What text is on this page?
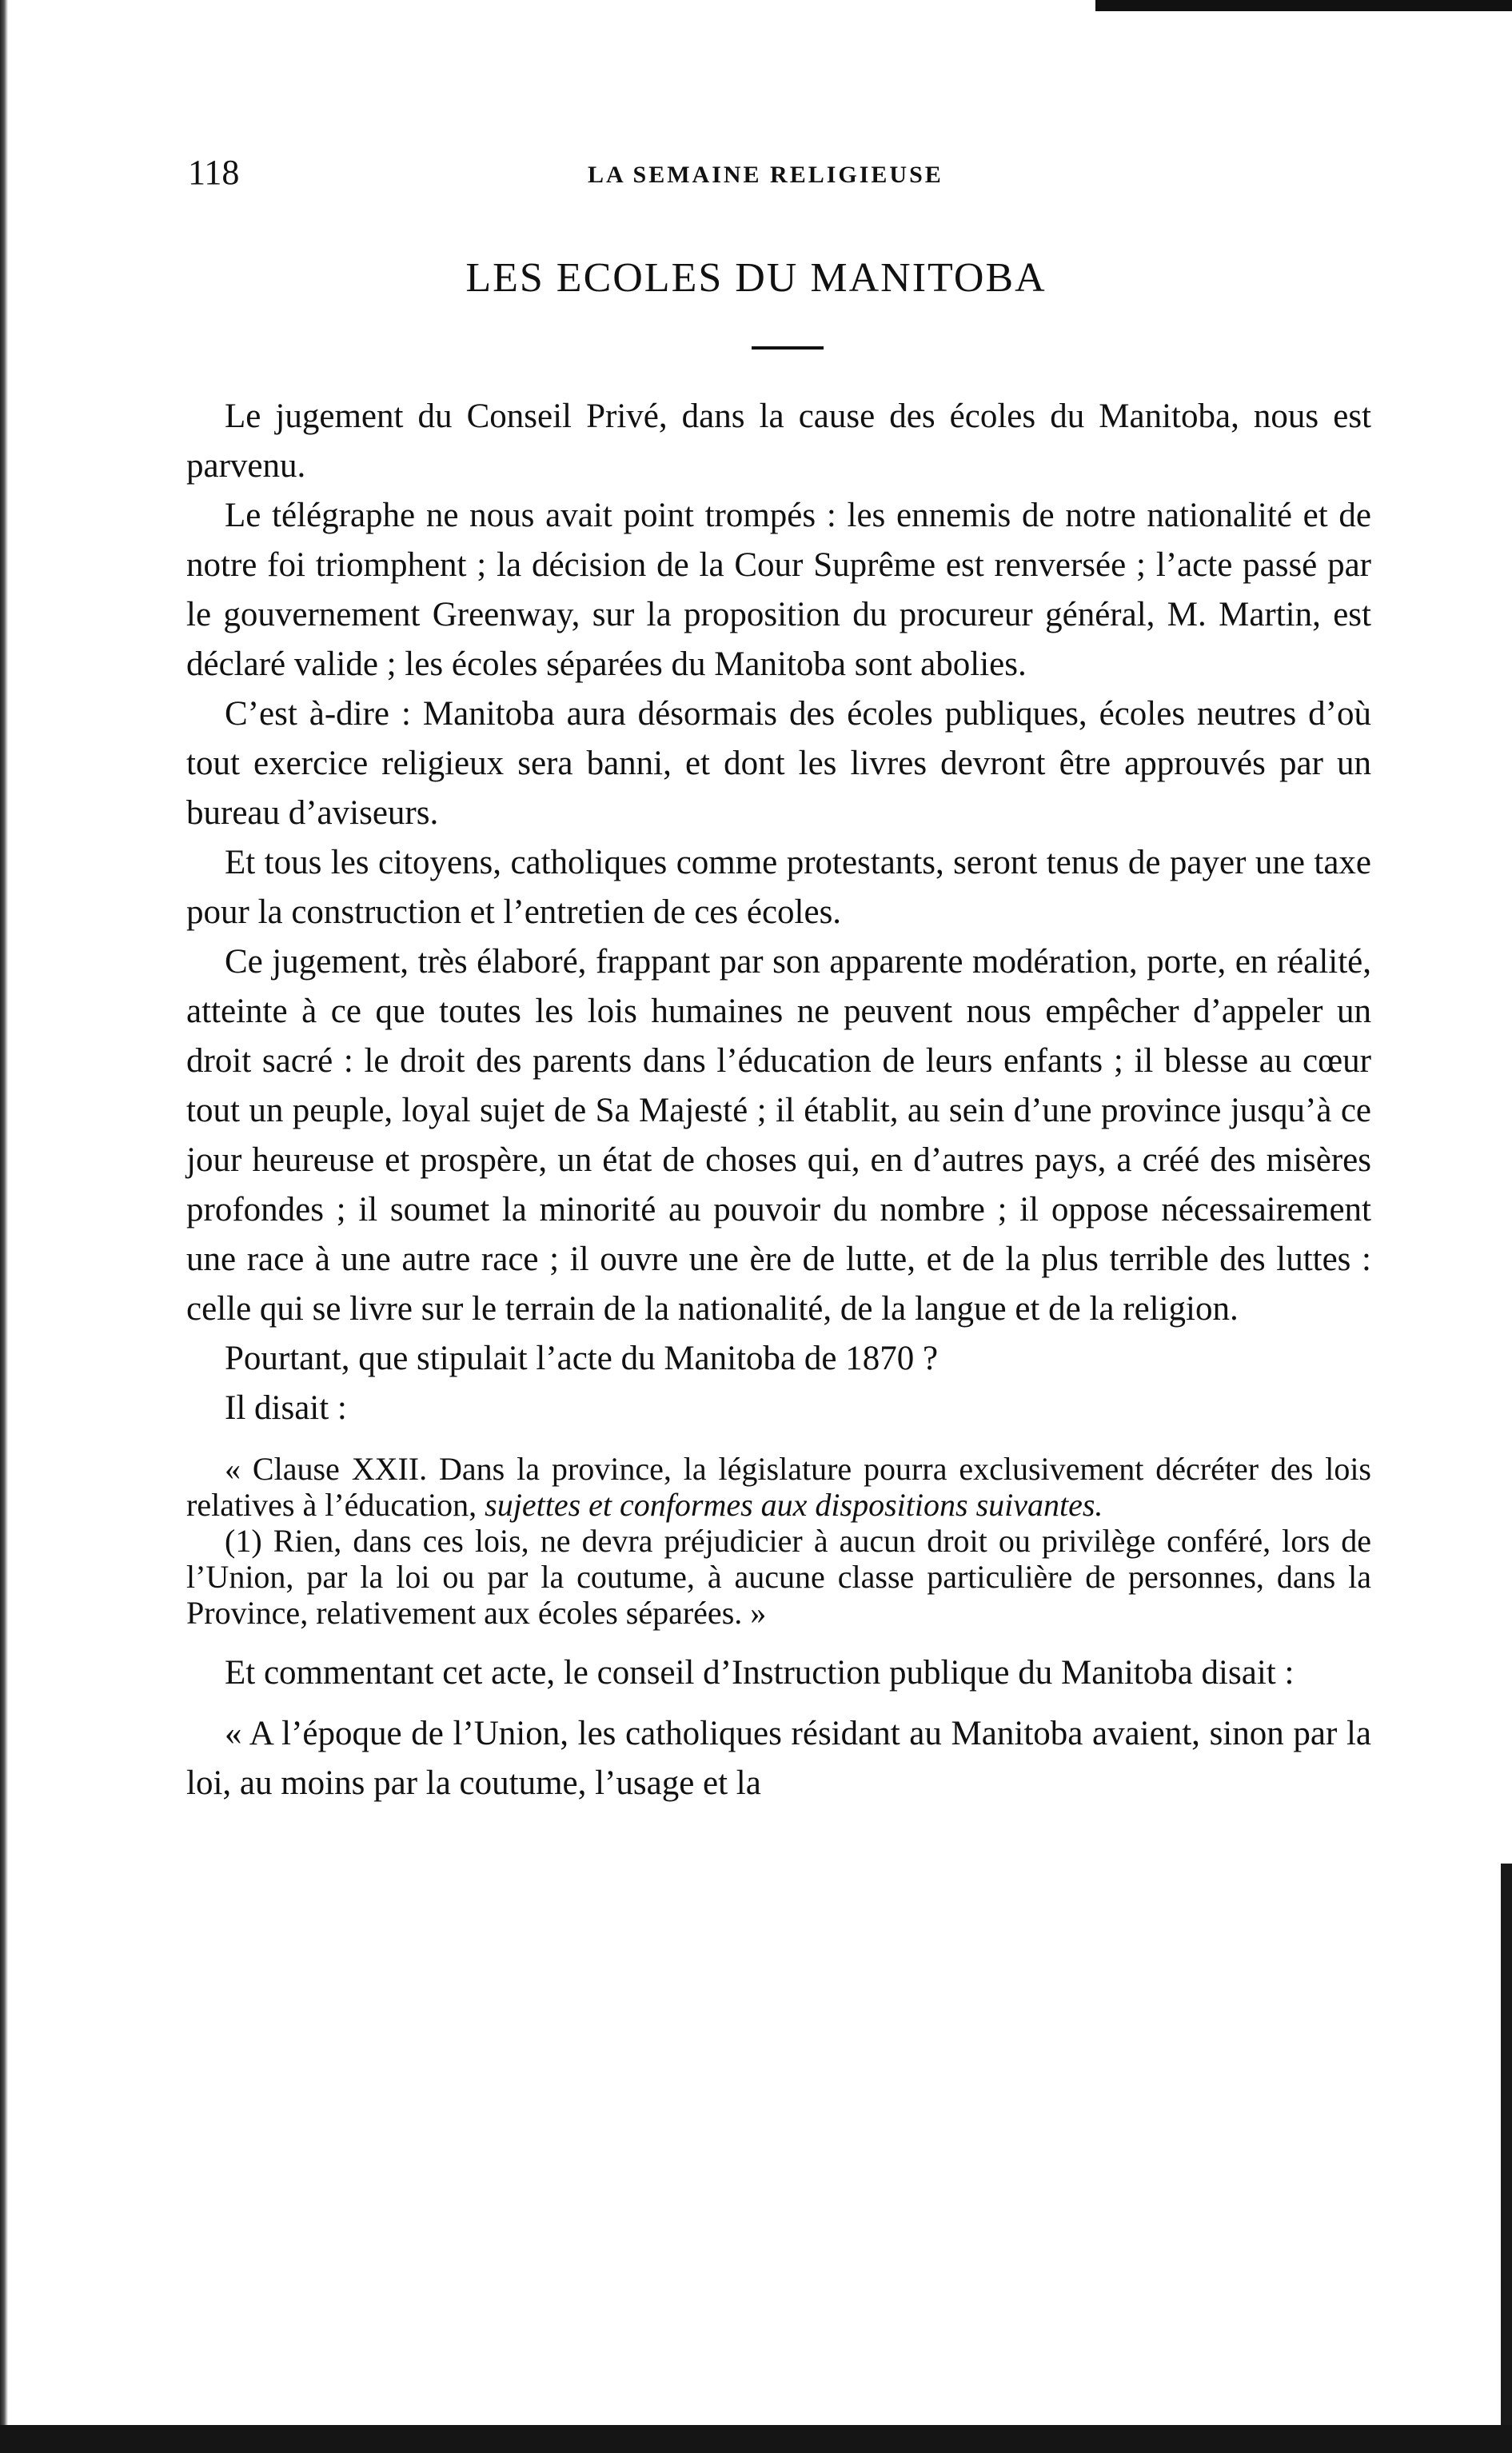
118	LA SEMAINE RELIGIEUSE
LES ECOLES DU MANITOBA

Le jugement du Conseil Privé, dans la cause des écoles du Manitoba, nous est parvenu.

Le télégraphe ne nous avait point trompés : les ennemis de notre nationalité et de notre foi triomphent ; la décision de la Cour Suprême est renversée ; l’acte passé par le gouvernement Greenway, sur la proposition du procureur général, M. Martin, est déclaré valide ; les écoles séparées du Manitoba sont abolies.

C’est à-dire : Manitoba aura désormais des écoles publiques, écoles neutres d’où tout exercice religieux sera banni, et dont les livres devront être approuvés par un bureau d’aviseurs.

Et tous les citoyens, catholiques comme protestants, seront tenus de payer une taxe pour la construction et l’entretien de ces écoles.

Ce jugement, très élaboré, frappant par son apparente modération, porte, en réalité, atteinte à ce que toutes les lois humaines ne peuvent nous empêcher d’appeler un droit sacré : le droit des parents dans l’éducation de leurs enfants ; il blesse au cœur tout un peuple, loyal sujet de Sa Majesté ; il établit, au sein d’une province jusqu’à ce jour heureuse et prospère, un état de choses qui, en d’autres pays, a créé des misères profondes ; il soumet la minorité au pouvoir du nombre ; il oppose nécessairement une race à une autre race ; il ouvre une ère de lutte, et de la plus terrible des luttes : celle qui se livre sur le terrain de la nationalité, de la langue et de la religion.

Pourtant, que stipulait l’acte du Manitoba de 1870 ?

Il disait :

« Clause XXII. Dans la province, la législature pourra exclusivement décréter des lois relatives à l’éducation, sujettes et conformes aux dispositions suivantes.

(1) Rien, dans ces lois, ne devra préjudicier à aucun droit ou privilège conféré, lors de l’Union, par la loi ou par la coutume, à aucune classe particulière de personnes, dans la Province, relativement aux écoles séparées. »

Et commentant cet acte, le conseil d’Instruction publique du Manitoba disait :

« A l’époque de l’Union, les catholiques résidant au Manitoba avaient, sinon par la loi, au moins par la coutume, l’usage et la
